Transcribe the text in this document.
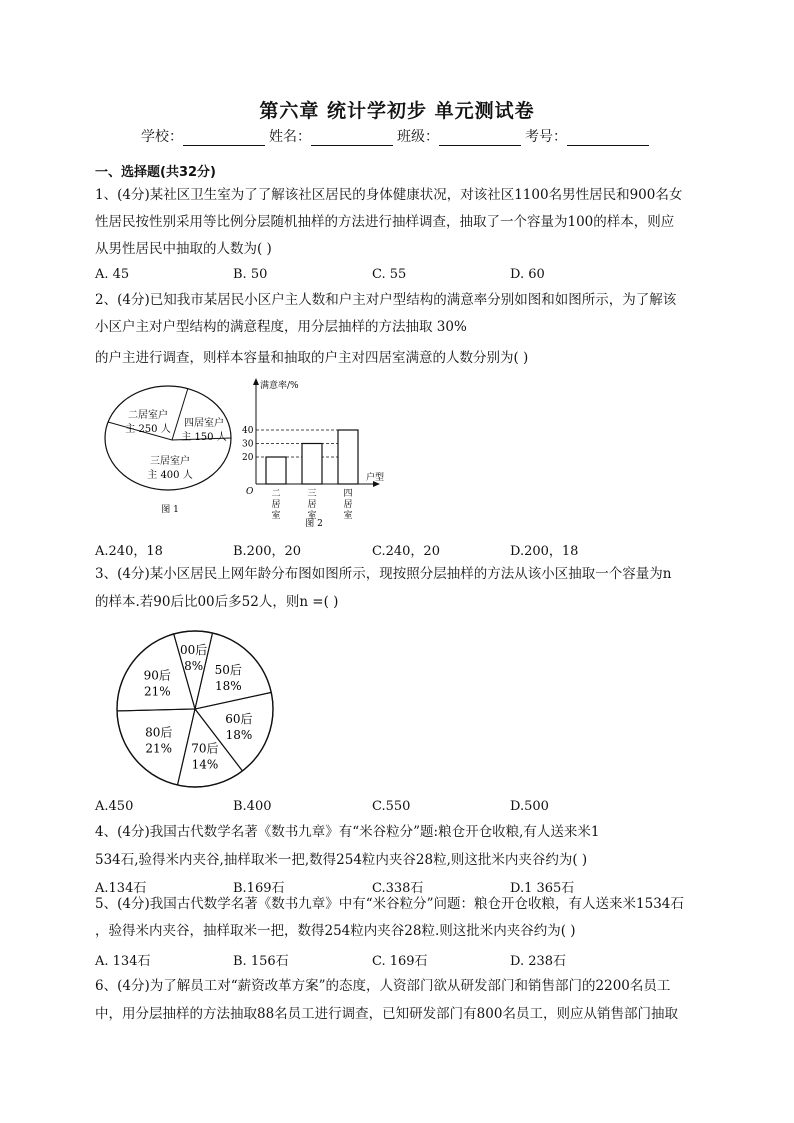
第六章 统计学初步 单元测试卷
学校：	姓名：	班级：	考号：
一、选择题(共32分)
1、(4分)某社区卫生室为了了解该社区居民的身体健康状况，对该社区1100名男性居民和900名女
性居民按性别采用等比例分层随机抽样的方法进行抽样调查，抽取了一个容量为100的样本，则应
从男性居民中抽取的人数为( )
A. 45	B. 50	C. 55	D. 60
2、(4分)已知我市某居民小区户主人数和户主对户型结构的满意率分别如图和如图所示，为了解该
小区户主对户型结构的满意程度，用分层抽样的方法抽取 30%
的户主进行调查，则样本容量和抽取的户主对四居室满意的人数分别为( )
二居室户
主 250 人
四居室户
主 150 人
三居室户
主 400 人
图 1
满意率/%
户型
O
20
30
40
二
居
室
三
居
室
四
居
室
图 2
A.240，18	B.200，20	C.240，20	D.200，18
3、(4分)某小区居民上网年龄分布图如图所示，现按照分层抽样的方法从该小区抽取一个容量为n
的样本.若90后比00后多52人，则n =( )
00后
8% 50后
18%
60后
18%
70后
14%
80后
21%
90后
21%
A.450	B.400	C.550	D.500
4、(4分)我国古代数学名著《数书九章》有“米谷粒分”题:粮仓开仓收粮,有人送来米1
534石,验得米内夹谷,抽样取米一把,数得254粒内夹谷28粒,则这批米内夹谷约为( )
A.134石	B.169石	C.338石	D.1 365石
5、(4分)我国古代数学名著《数书九章》中有“米谷粒分”问题：粮仓开仓收粮，有人送来米1534石
，验得米内夹谷，抽样取米一把，数得254粒内夹谷28粒.则这批米内夹谷约为( )
A. 134石	B. 156石	C. 169石	D. 238石
6、(4分)为了解员工对“薪资改革方案”的态度，人资部门欲从研发部门和销售部门的2200名员工
中，用分层抽样的方法抽取88名员工进行调查，已知研发部门有800名员工，则应从销售部门抽取
